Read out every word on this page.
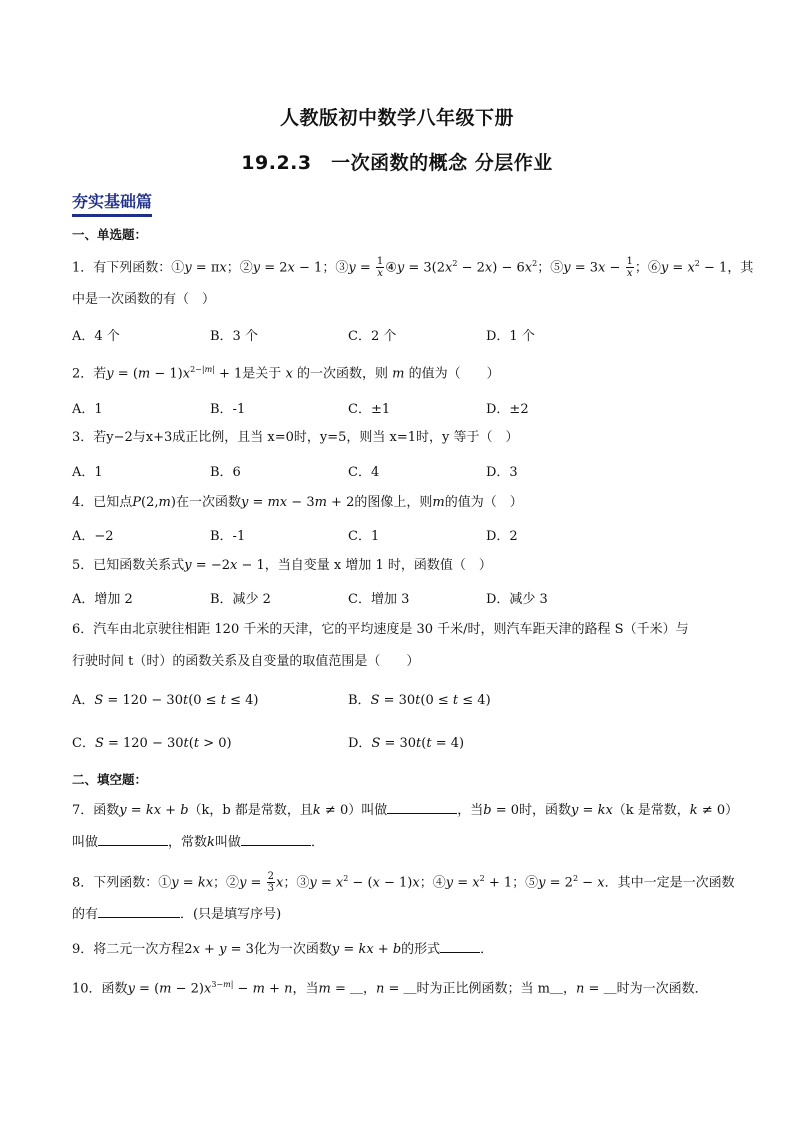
人教版初中数学八年级下册
19.2.3　一次函数的概念 分层作业
夯实基础篇
一、单选题：
1．有下列函数：①y = πx；②y = 2x − 1；③y = $\frac{1}{x}$ ④y = $3(2x^2 - 2x) - 6x^2$；⑤y = $3x - \frac{1}{x}$ ；⑥y = $x^2 - 1$，其
中是一次函数的有（　）
A．4 个	B．3 个	C．2 个	D．1 个
2．若$y = (m - 1)x^{2-|m|} + 1$是关于 x 的一次函数，则 m 的值为（　　）
A．1	B．-1	C．±1	D．±2
3．若y−2与x+3成正比例，且当 x=0时，y=5，则当 x=1时，y 等于（　）
A．1	B．6	C．4	D．3
4．已知点P(2,m)在一次函数y = mx − 3m + 2的图像上，则m的值为（　）
A．−2	B．-1	C．1	D．2
5．已知函数关系式y = −2x − 1，当自变量 x 增加 1 时，函数值（　）
A．增加 2	B．减少 2	C．增加 3	D．减少 3
6．汽车由北京驶往相距 120 千米的天津，它的平均速度是 30 千米/时，则汽车距天津的路程 S（千米）与
行驶时间 t（时）的函数关系及自变量的取值范围是（　　）
A．S = 120 − 30t(0 ≤ t ≤ 4)	B．S = 30t(0 ≤ t ≤ 4)
C．S = 120 − 30t(t > 0)	D．S = 30t(t = 4)
二、填空题：
7．函数y = kx + b（k，b 都是常数，且k ≠ 0）叫做	，当b = 0时，函数y = kx（k 是常数，k ≠ 0）
叫做	，常数k叫做	．
8．下列函数：①y = kx；②y = $\frac{2}{3}$ x；③y = $x^2 - (x - 1)x$；④y = $x^2 + 1$；⑤y = $2^2 - x$．其中一定是一次函数
的有	．(只是填写序号)
9．将二元一次方程2x + y = 3化为一次函数y = kx + b的形式	．
10．函数$y = (m - 2)x^{3-m|} - m + n$，当m = ＿，n = ＿时为正比例函数；当 m＿，n = ＿时为一次函数．
